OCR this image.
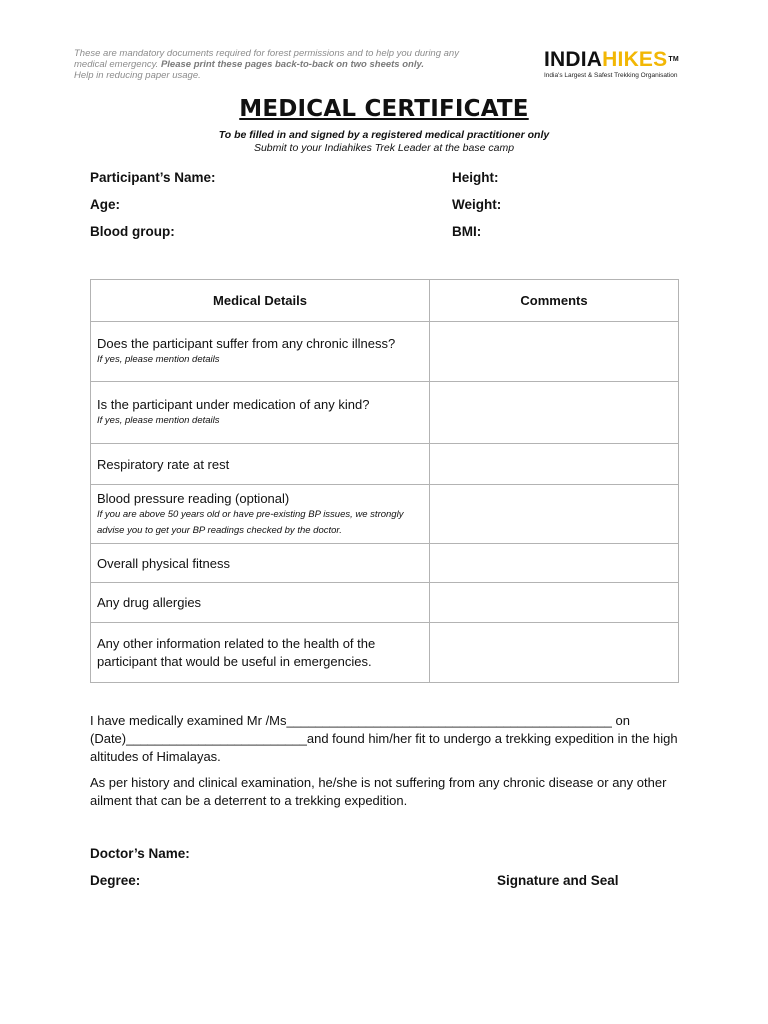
These are mandatory documents required for forest permissions and to help you during any
medical emergency. Please print these pages back-to-back on two sheets only.
Help in reducing paper usage.
INDIAHIKES™
India's Largest & Safest Trekking Organisation
MEDICAL CERTIFICATE
To be filled in and signed by a registered medical practitioner only
Submit to your Indiahikes Trek Leader at the base camp
Participant’s Name:
Age:
Blood group:
Height:
Weight:
BMI:
Medical Details	Comments

Does the participant suffer from any chronic illness?
If yes, please mention details	

Is the participant under medication of any kind?
If yes, please mention details	

Respiratory rate at rest	

Blood pressure reading (optional)
If you are above 50 years old or have pre-existing BP issues, we strongly advise you to get your BP readings checked by the doctor.	

Overall physical fitness	

Any drug allergies	

Any other information related to the health of the participant that would be useful in emergencies.	

I have medically examined Mr /Ms_____________________________________________ on (Date)_________________________and found him/her fit to undergo a trekking expedition in the high altitudes of Himalayas.
As per history and clinical examination, he/she is not suffering from any chronic disease or any other ailment that can be a deterrent to a trekking expedition.
Doctor’s Name:
Degree:	Signature and Seal
